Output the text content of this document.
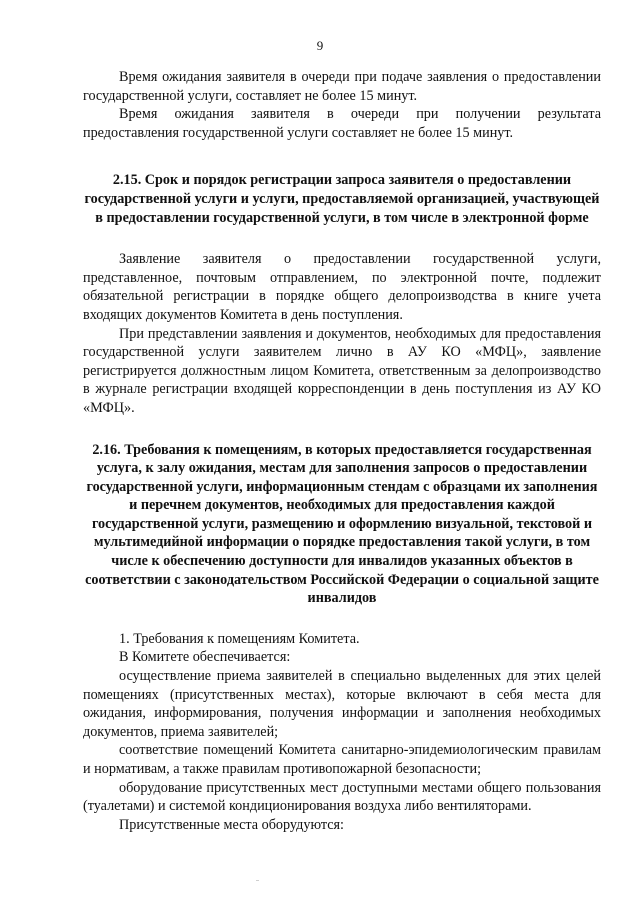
9

Время ожидания заявителя в очереди при подаче заявления о предоставлении государственной услуги, составляет не более 15 минут.

Время ожидания заявителя в очереди при получении результата предоставления государственной услуги составляет не более 15 минут.

2.15. Срок и порядок регистрации запроса заявителя о предоставлении государственной услуги и услуги, предоставляемой организацией, участвующей в предоставлении государственной услуги, в том числе в электронной форме

Заявление заявителя о предоставлении государственной услуги, представленное, почтовым отправлением, по электронной почте, подлежит обязательной регистрации в порядке общего делопроизводства в книге учета входящих документов Комитета в день поступления.

При представлении заявления и документов, необходимых для предоставления государственной услуги заявителем лично в АУ КО «МФЦ», заявление регистрируется должностным лицом Комитета, ответственным за делопроизводство в журнале регистрации входящей корреспонденции в день поступления из АУ КО «МФЦ».

2.16. Требования к помещениям, в которых предоставляется государственная услуга, к залу ожидания, местам для заполнения запросов о предоставлении государственной услуги, информационным стендам с образцами их заполнения и перечнем документов, необходимых для предоставления каждой государственной услуги, размещению и оформлению визуальной, текстовой и мультимедийной информации о порядке предоставления такой услуги, в том числе к обеспечению доступности для инвалидов указанных объектов в соответствии с законодательством Российской Федерации о социальной защите инвалидов

1. Требования к помещениям Комитета.

В Комитете обеспечивается:

осуществление приема заявителей в специально выделенных для этих целей помещениях (присутственных местах), которые включают в себя места для ожидания, информирования, получения информации и заполнения необходимых документов, приема заявителей;

соответствие помещений Комитета санитарно-эпидемиологическим правилам и нормативам, а также правилам противопожарной безопасности;

оборудование присутственных мест доступными местами общего пользования (туалетами) и системой кондиционирования воздуха либо вентиляторами.

Присутственные места оборудуются:
